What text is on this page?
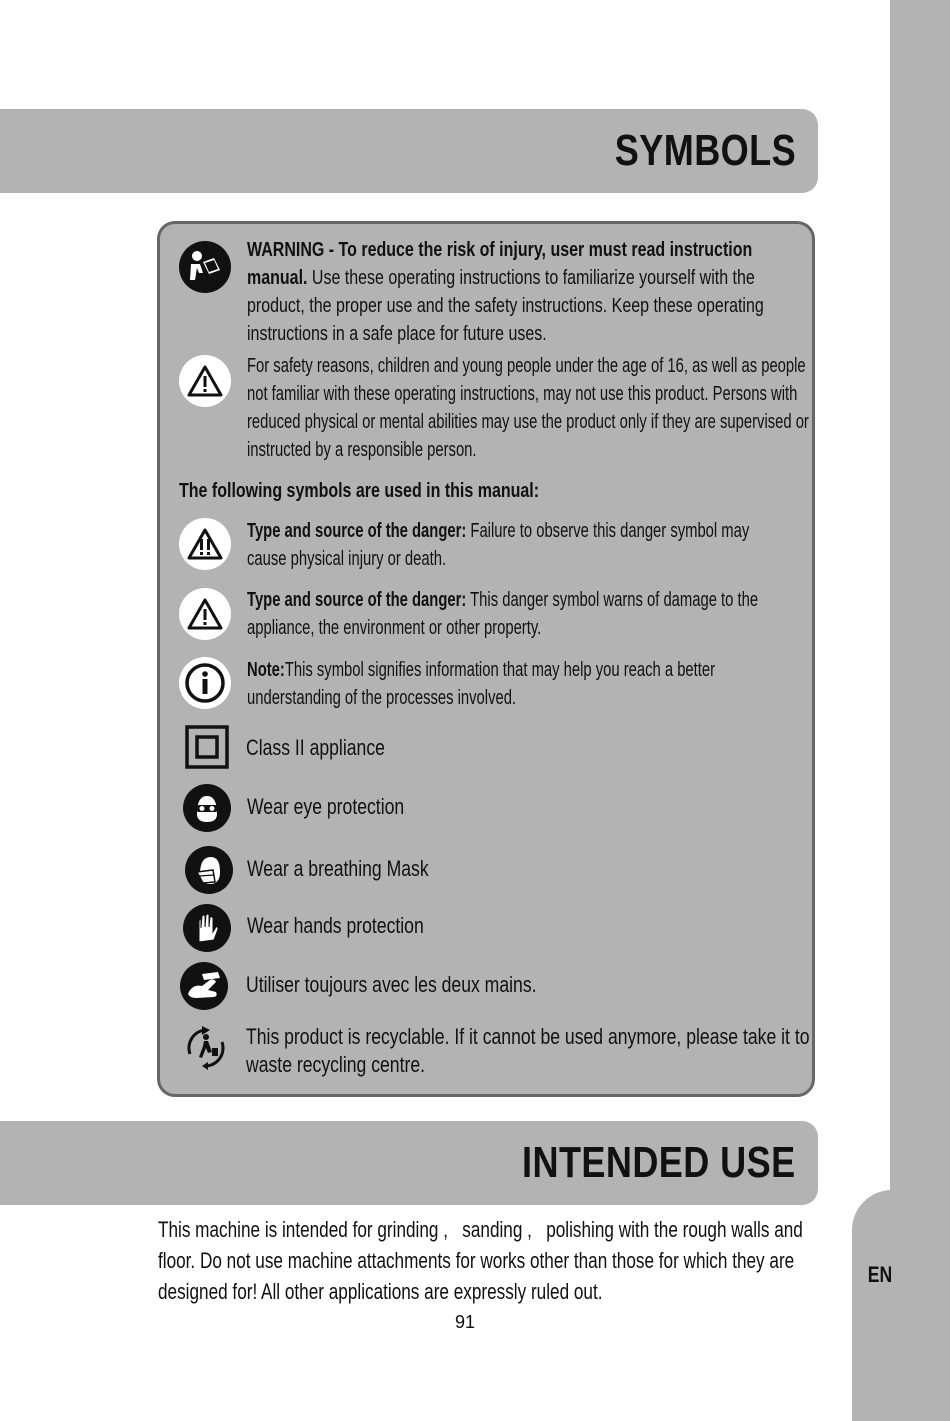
EN
SYMBOLS
WARNING - To reduce the risk of injury, user must read instruction manual. Use these operating instructions to familiarize yourself with the product, the proper use and the safety instructions. Keep these operating instructions in a safe place for future uses.
For safety reasons, children and young people under the age of 16, as well as people not familiar with these operating instructions, may not use this product. Persons with reduced physical or mental abilities may use the product only if they are supervised or instructed by a responsible person.
The following symbols are used in this manual:
Type and source of the danger: Failure to observe this danger symbol may cause physical injury or death.
Type and source of the danger: This danger symbol warns of damage to the appliance, the environment or other property.
Note:This symbol signifies information that may help you reach a better understanding of the processes involved.
Class II appliance
Wear eye protection
Wear a breathing Mask
Wear hands protection
Utiliser toujours avec les deux mains.
This product is recyclable. If it cannot be used anymore, please take it to waste recycling centre.
INTENDED USE
This machine is intended for grinding ,   sanding ,   polishing with the rough walls and floor. Do not use machine attachments for works other than those for which they are designed for! All other applications are expressly ruled out.
91
